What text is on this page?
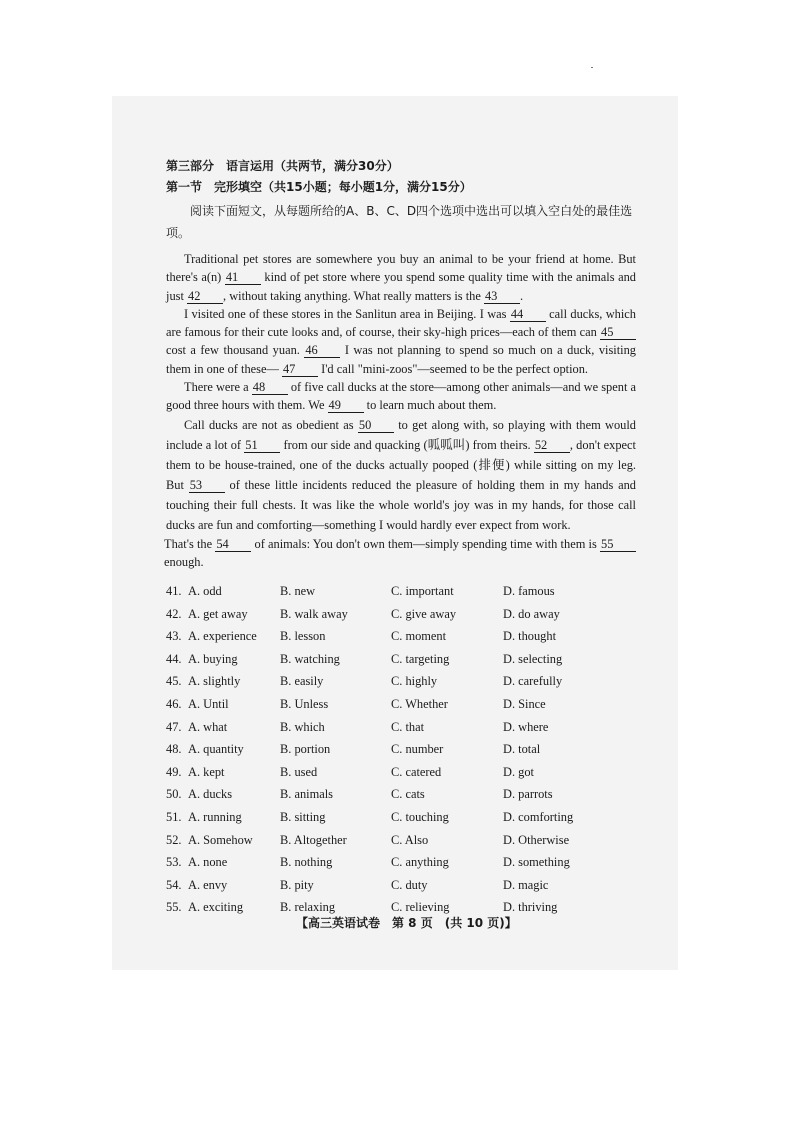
第三部分　语言运用（共两节，满分30分）
第一节　完形填空（共15小题；每小题1分，满分15分）
阅读下面短文，从每题所给的A、B、C、D四个选项中选出可以填入空白处的最佳选项。

Traditional pet stores are somewhere you buy an animal to be your friend at home. But there's a(n) 41 kind of pet store where you spend some quality time with the animals and just 42 , without taking anything. What really matters is the 43 .

I visited one of these stores in the Sanlitun area in Beijing. I was 44 call ducks, which are famous for their cute looks and, of course, their sky-high prices—each of them can 45 cost a few thousand yuan. 46 I was not planning to spend so much on a duck, visiting them in one of these— 47 I'd call "mini-zoos"—seemed to be the perfect option.

There were a 48 of five call ducks at the store—among other animals—and we spent a good three hours with them. We 49 to learn much about them.

Call ducks are not as obedient as 50 to get along with, so playing with them would include a lot of 51 from our side and quacking (呱呱叫) from theirs. 52 , don't expect them to be house-trained, one of the ducks actually pooped (排便) while sitting on my leg. But 53 of these little incidents reduced the pleasure of holding them in my hands and touching their full chests. It was like the whole world's joy was in my hands, for those call ducks are fun and comforting—something I would hardly ever expect from work.

That's the 54 of animals: You don't own them—simply spending time with them is 55 enough.

41. A. odd	B. new	C. important	D. famous
42. A. get away	B. walk away	C. give away	D. do away
43. A. experience	B. lesson	C. moment	D. thought
44. A. buying	B. watching	C. targeting	D. selecting
45. A. slightly	B. easily	C. highly	D. carefully
46. A. Until	B. Unless	C. Whether	D. Since
47. A. what	B. which	C. that	D. where
48. A. quantity	B. portion	C. number	D. total
49. A. kept	B. used	C. catered	D. got
50. A. ducks	B. animals	C. cats	D. parrots
51. A. running	B. sitting	C. touching	D. comforting
52. A. Somehow	B. Altogether	C. Also	D. Otherwise
53. A. none	B. nothing	C. anything	D. something
54. A. envy	B. pity	C. duty	D. magic
55. A. exciting	B. relaxing	C. relieving	D. thriving
【高三英语试卷　第 8 页　(共 10 页)】
